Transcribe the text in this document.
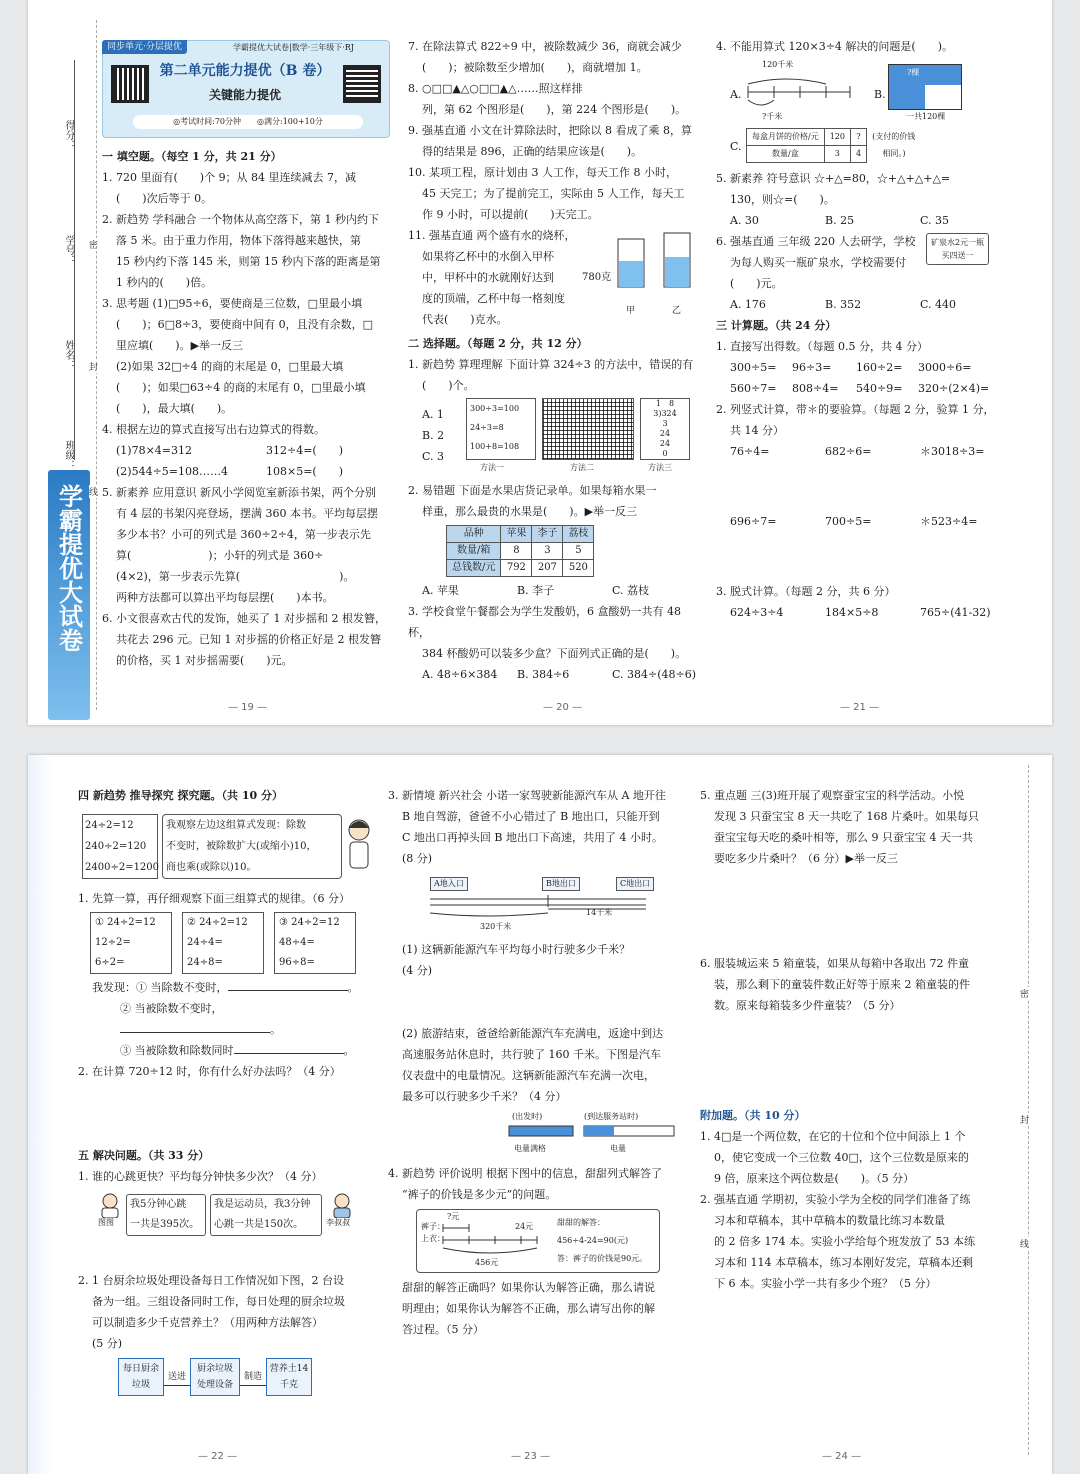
学霸提优大试卷
得分：
学号：
姓名：
班级：
密
封
线
同步单元·分层提优	学霸提优大试卷|数学·三年级下·RJ
第二单元能力提优（B 卷）
关键能力提优
◎考试时间:70分钟　　 ◎满分:100+10分
一 填空题。（每空 1 分，共 21 分）
1. 720 里面有(　　)个 9；从 84 里连续减去 7，减
(　　)次后等于 0。
2. 新趋势 学科融合 一个物体从高空落下，第 1 秒内约下
落 5 米。由于重力作用，物体下落得越来越快，第
15 秒内约下落 145 米，则第 15 秒内下落的距离是第
1 秒内的(　　)倍。
3. 思考题 (1)□95÷6，要使商是三位数，□里最小填
(　　)；6□8÷3，要使商中间有 0，且没有余数，□
里应填(　　)。▶举一反三
(2)如果 32□÷4 的商的末尾是 0，□里最大填
(　　)；如果□63÷4 的商的末尾有 0，□里最小填
(　　)，最大填(　　)。
4. 根据左边的算式直接写出右边算式的得数。
(1)78×4=312	312÷4=(　　)
(2)544÷5=108……4	108×5=(　　)
5. 新素养 应用意识 新风小学阅览室新添书架，两个分别
有 4 层的书架闪亮登场，摆满 360 本书。平均每层摆
多少本书？小可的列式是 360÷2÷4，第一步表示先
算(　　　　　　　)；小轩的列式是 360÷
(4×2)，第一步表示先算(　　　　　　　　　)。
两种方法都可以算出平均每层摆(　　)本书。
6. 小文很喜欢古代的发饰，她买了 1 对步摇和 2 根发簪，
共花去 296 元。已知 1 对步摇的价格正好是 2 根发簪
的价格，买 1 对步摇需要(　　)元。
— 19 —
7. 在除法算式 822÷9 中，被除数减少 36，商就会减少
(　　)；被除数至少增加(　　)，商就增加 1。
8. ○□□▲△○□□▲△……照这样排
列，第 62 个图形是(　　)，第 224 个图形是(　　)。
9. 强基直通 小文在计算除法时，把除以 8 看成了乘 8，算
得的结果是 896，正确的结果应该是(　　)。
10. 某项工程，原计划由 3 人工作，每天工作 8 小时，
45 天完工；为了提前完工，实际由 5 人工作，每天工
作 9 小时，可以提前(　　)天完工。
11. 强基直通 两个盛有水的烧杯，
如果将乙杯中的水倒入甲杯
中，甲杯中的水就刚好达到
度的顶端，乙杯中每一格刻度
代表(　　)克水。
780克
甲	乙
二 选择题。（每题 2 分，共 12 分）
1. 新趋势 算理理解 下面计算 324÷3 的方法中，错误的有
(　　)个。
A. 1
B. 2
C. 3
300÷3=100
24÷3=8
100+8=108
1　8
3)324
3
24
24
0
方法一	方法二	方法三
2. 易错题 下面是水果店货记录单。如果每箱水果一
样重，那么最贵的水果是(　　)。▶举一反三
品种	苹果	李子	荔枝
数量/箱	8	3	5
总钱数/元	792	207	520
A. 苹果	B. 李子	C. 荔枝
3. 学校食堂午餐都会为学生发酸奶，6 盒酸奶一共有 48 杯，
384 杯酸奶可以装多少盒？下面列式正确的是(　　)。
A. 48÷6×384	B. 384÷6	C. 384÷(48÷6)
— 20 —
4. 不能用算式 120×3÷4 解决的问题是(　　)。
A.
120千米
?千米
B.
?棵
一共120棵
C.
每盒月饼的价格/元	120	?	(支付的价钱
数量/盒	3	4	相同。)
5. 新素养 符号意识 ☆+△=80，☆+△+△+△=
130，则☆=(　　)。
A. 30	B. 25	C. 35
6. 强基直通 三年级 220 人去研学，学校
为每人购买一瓶矿泉水，学校需要付
(　　)元。
矿泉水2元一瓶
买四送一
A. 176	B. 352	C. 440
三 计算题。（共 24 分）
1. 直接写出得数。（每题 0.5 分，共 4 分）
300÷5=	96÷3=	160÷2=	3000÷6=
560÷7=	808÷4=	540÷9=	320÷(2×4)=
2. 列竖式计算，带＊的要验算。（每题 2 分，验算 1 分，
共 14 分）
76÷4=	682÷6=	＊3018÷3=
696÷7=	700÷5=	＊523÷4=
3. 脱式计算。（每题 2 分，共 6 分）
624÷3÷4	184×5÷8	765÷(41-32)
— 21 —
密
封
线
四 新趋势 推导探究 探究题。（共 10 分）
24÷2=12
240÷2=120
2400÷2=1200
我观察左边这组算式发现：除数
不变时，被除数扩大(或缩小)10，
商也乘(或除以)10。
1. 先算一算，再仔细观察下面三组算式的规律。（6 分）
① 24÷2=12
12÷2=
6÷2=
② 24÷2=12
24÷4=
24÷8=
③ 24÷2=12
48÷4=
96÷8=
我发现：① 当除数不变时，	。
② 当被除数不变时，。
③ 当被除数和除数同时	。
2. 在计算 720÷12 时，你有什么好办法吗？（4 分）
五 解决问题。（共 33 分）
1. 谁的心跳更快？平均每分钟快多少次？（4 分）
图图
我5分钟心跳
一共是395次。
我是运动员，我3分钟
心跳一共是150次。	李叔叔
2. 1 台厨余垃圾处理设备每日工作情况如下图，2 台设
备为一组。三组设备同时工作，每日处理的厨余垃圾
可以制造多少千克营养土？（用两种方法解答）
(5 分)
每日厨余垃圾
送进
厨余垃圾处理设备
制造
营养土14千克
— 22 —
3. 新情境 新兴社会 小诺一家驾驶新能源汽车从 A 地开往
B 地自驾游，爸爸不小心错过了 B 地出口，只能开到
C 地出口再掉头回 B 地出口下高速，共用了 4 小时。
(8 分)
A地入口	B地出口	C地出口
14千米
320千米
(1) 这辆新能源汽车平均每小时行驶多少千米？
(4 分)
(2) 旅游结束，爸爸给新能源汽车充满电，返途中到达
高速服务站休息时，共行驶了 160 千米。下图是汽车
仪表盘中的电量情况。这辆新能源汽车充满一次电，
最多可以行驶多少千米？（4 分）
(出发时)	(到达服务站时)
电量满格	电量
4. 新趋势 评价说明 根据下图中的信息，甜甜列式解答了
“裤子的价钱是多少元”的问题。
?元
裤子：
上衣：
24元
456元
甜甜的解答：
456÷4-24=90(元)
答：裤子的价钱是90元。
甜甜的解答正确吗？如果你认为解答正确，那么请说
明理由；如果你认为解答不正确，那么请写出你的解
答过程。（5 分）
— 23 —
5. 重点题 三(3)班开展了观察蚕宝宝的科学活动。小悦
发现 3 只蚕宝宝 8 天一共吃了 168 片桑叶。如果每只
蚕宝宝每天吃的桑叶相等，那么 9 只蚕宝宝 4 天一共
要吃多少片桑叶？（6 分）▶举一反三
6. 服装城运来 5 箱童装，如果从每箱中各取出 72 件童
装，那么剩下的童装件数正好等于原来 2 箱童装的件
数。原来每箱装多少件童装？（5 分）
附加题。（共 10 分）
1. 4□是一个两位数，在它的十位和个位中间添上 1 个
0，使它变成一个三位数 40□，这个三位数是原来的
9 倍，原来这个两位数是(　　)。（5 分）
2. 强基直通 学期初，实验小学为全校的同学们准备了练
习本和草稿本，其中草稿本的数量比练习本数量
的 2 倍多 174 本。实验小学给每个班发放了 53 本练
习本和 114 本草稿本，练习本刚好发完，草稿本还剩
下 6 本。实验小学一共有多少个班？（5 分）
— 24 —
